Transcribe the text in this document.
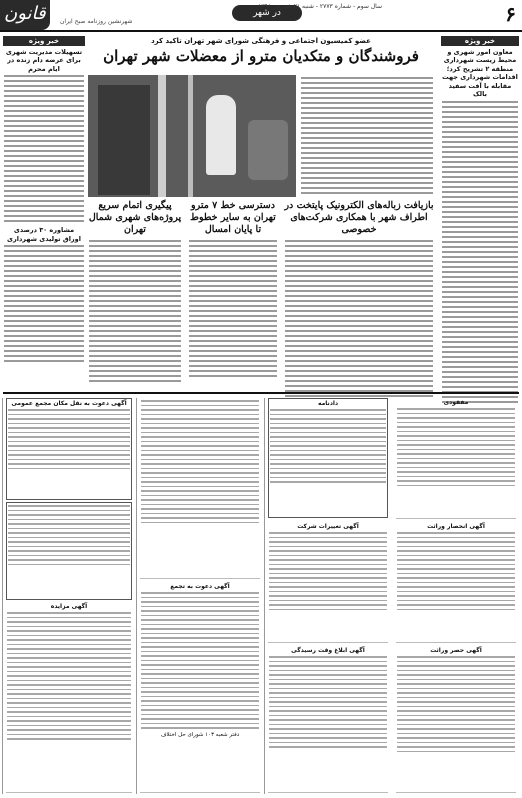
قانون شهرنشین روزنامه صبح ایران
در شهر
سال سوم - شماره ۲۷۷۳ - شنبه ۲۱ شهریور ۱۳۹۸	۶
خبر ویژه
تسهیلات مدیریت شهری برای عرضه دام زنده در ایام محرم
مشاوره ۳۰ درصدی اوراق تولیدی شهرداری
خبر ویژه
معاون امور شهری و محیط زیست شهرداری منطقه ۲ تشریح کرد؛ اقدامات شهرداری جهت مقابله با آفت سفید بالک
عضو کمیسیون اجتماعی و فرهنگی شورای شهر تهران تاکید کرد
فروشندگان و متکدیان مترو از معضلات شهر تهران
بازیافت زباله‌های الکترونیک پایتخت در اطراف شهر با همکاری شرکت‌های خصوصی
دسترسی خط ۷ مترو تهران به سایر خطوط تا پایان امسال
پیگیری اتمام سریع پروژه‌های شهری شمال تهران
مفقودی
آگهی انحصار وراثت
آگهی حصر وراثت
دادنامه
آگهی تغییرات شرکت
آگهی ابلاغ وقت رسیدگی
آگهی دعوت به تجمع
دفتر شعبه ۱۰۳ شورای حل اختلاف
آگهی دعوت به نقل مکان مجمع عمومی
آگهی مزایده
